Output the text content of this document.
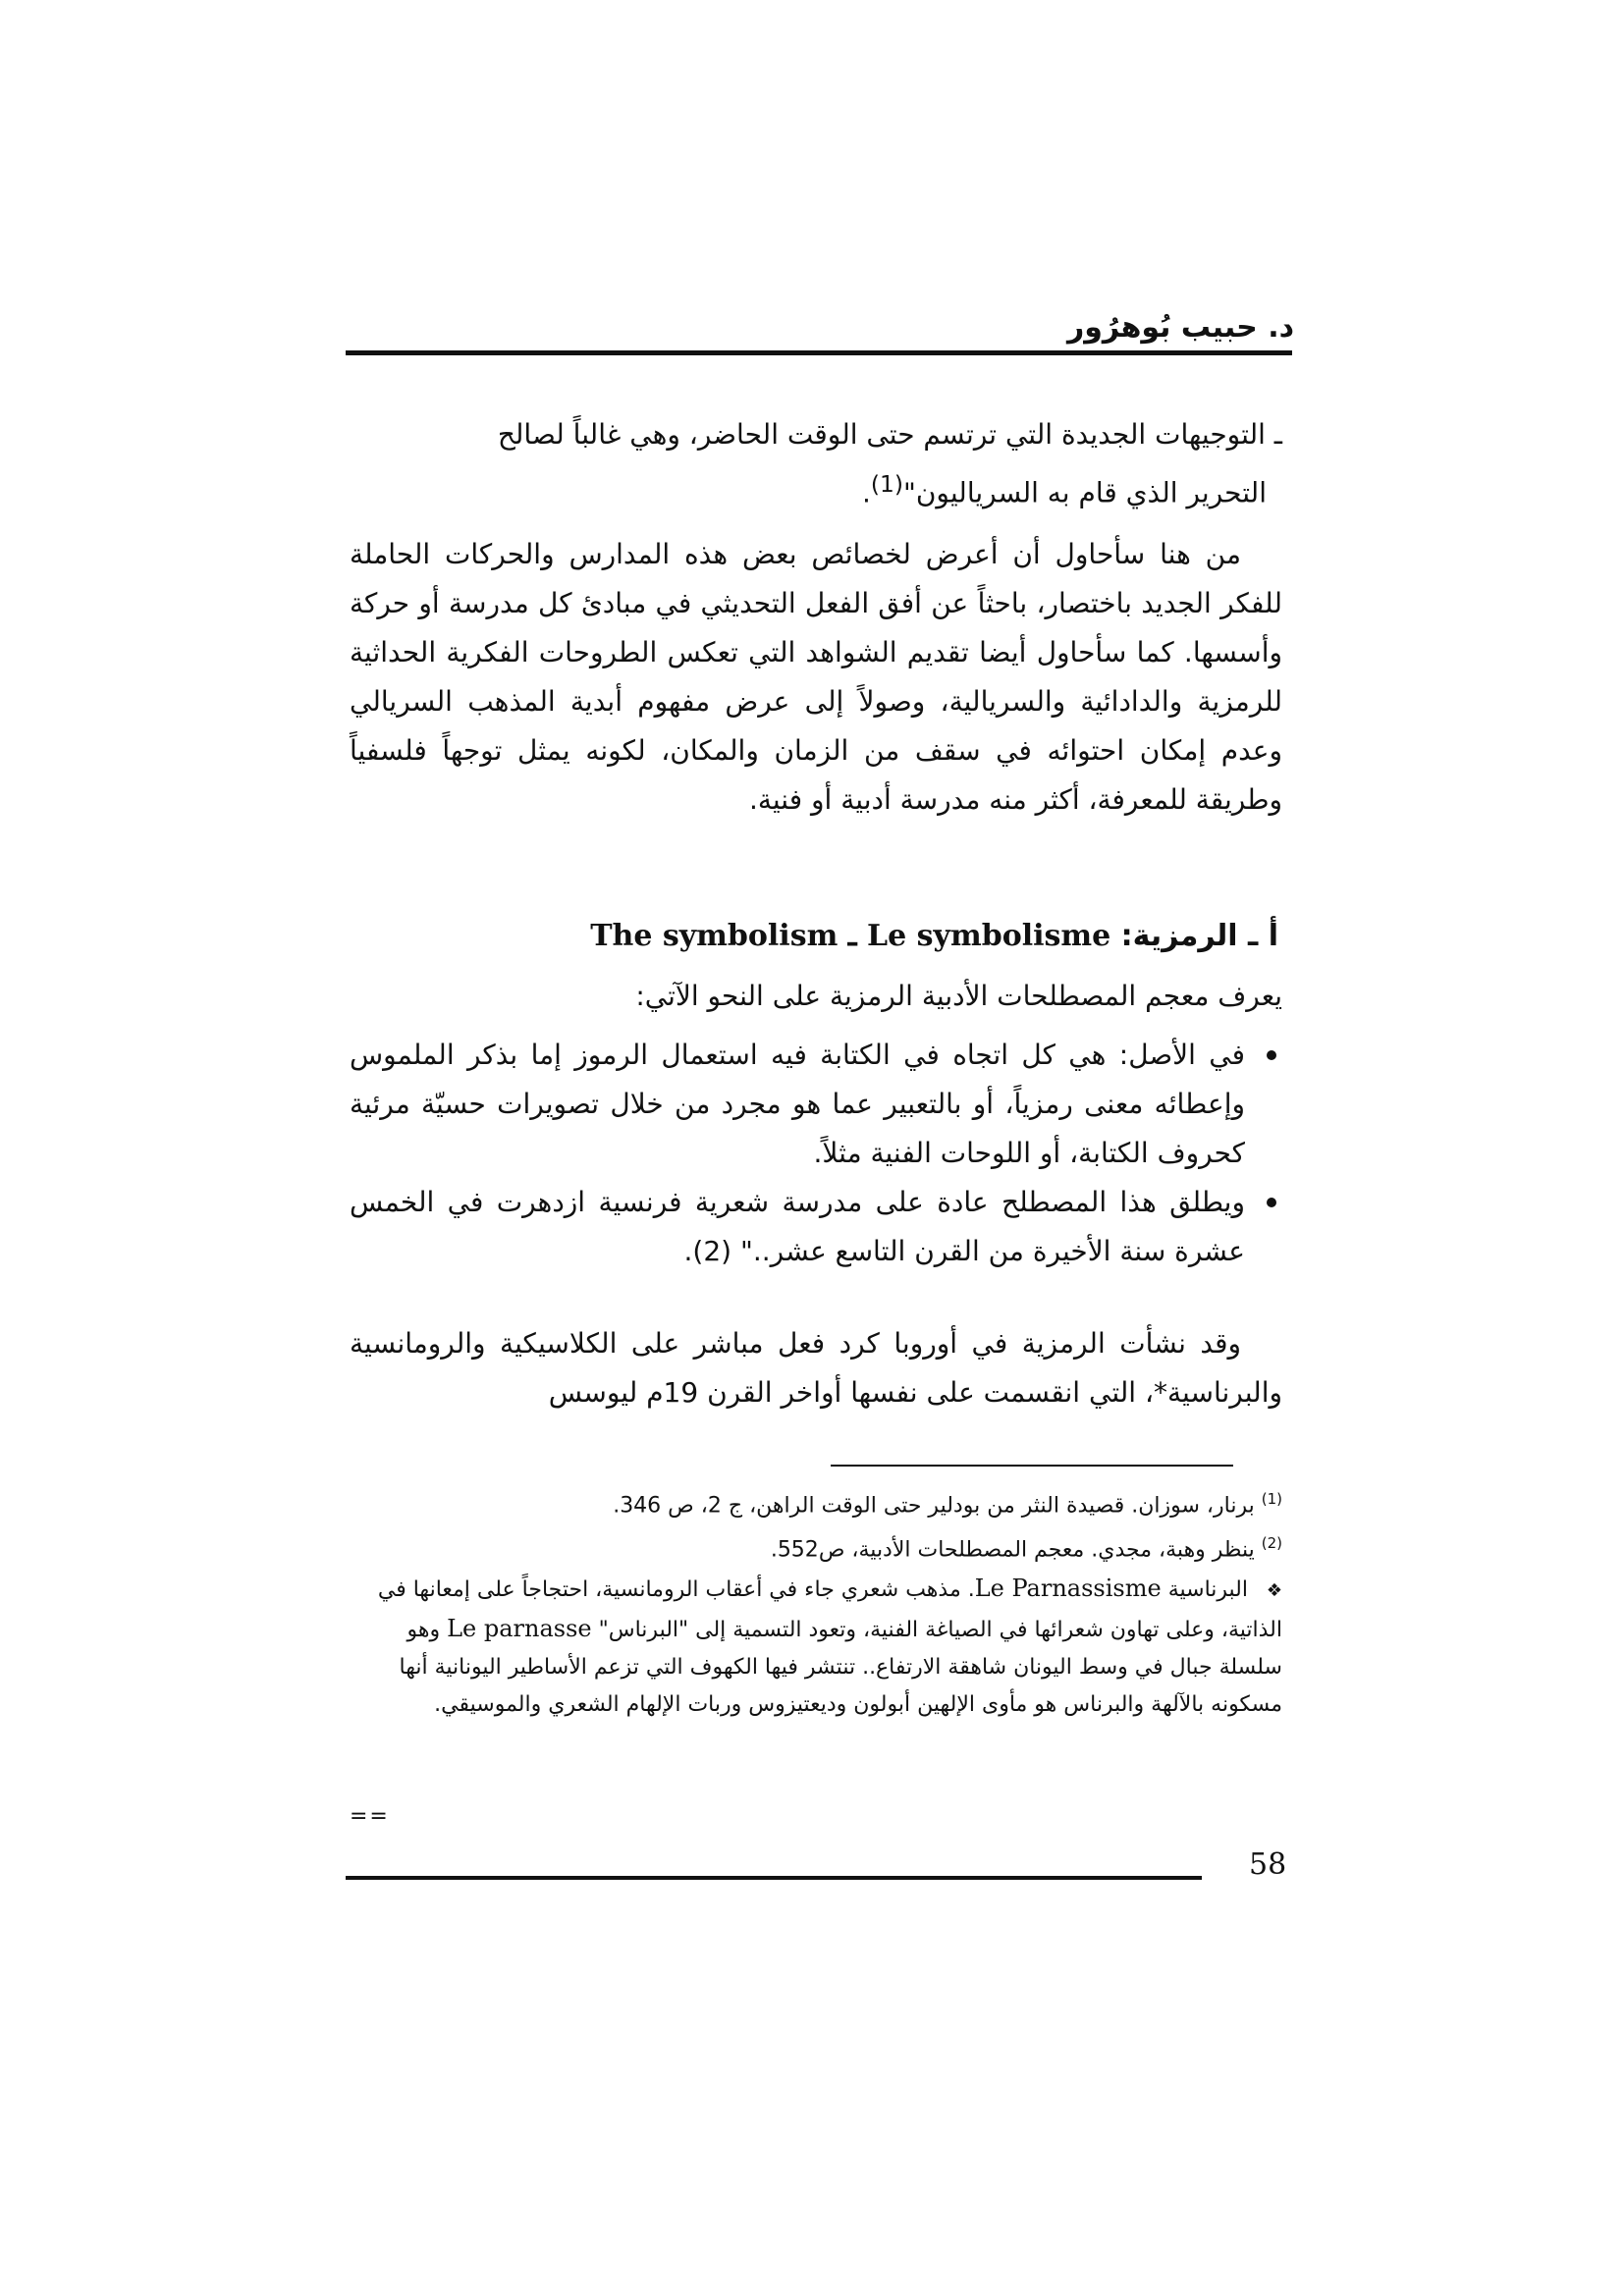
د. حبيب بُوهرُور

ـ التوجيهات الجديدة التي ترتسم حتى الوقت الحاضر، وهي غالباً لصالح

التحرير الذي قام به السرياليون"$^{(1)}$.

من هنا سأحاول أن أعرض لخصائص بعض هذه المدارس والحركات الحاملة للفكر الجديد باختصار، باحثاً عن أفق الفعل التحديثي في مبادئ كل مدرسة أو حركة وأسسها. كما سأحاول أيضا تقديم الشواهد التي تعكس الطروحات الفكرية الحداثية للرمزية والدادائية والسريالية، وصولاً إلى عرض مفهوم أبدية المذهب السريالي وعدم إمكان احتوائه في سقف من الزمان والمكان، لكونه يمثل توجهاً فلسفياً وطريقة للمعرفة، أكثر منه مدرسة أدبية أو فنية.

أ ـ الرمزية: The symbolism ـ Le symbolisme

يعرف معجم المصطلحات الأدبية الرمزية على النحو الآتي:

في الأصل: هي كل اتجاه في الكتابة فيه استعمال الرموز إما بذكر الملموس وإعطائه معنى رمزياً، أو بالتعبير عما هو مجرد من خلال تصويرات حسيّة مرئية كحروف الكتابة، أو اللوحات الفنية مثلاً.
ويطلق هذا المصطلح عادة على مدرسة شعرية فرنسية ازدهرت في الخمس عشرة سنة الأخيرة من القرن التاسع عشر.." (2).

وقد نشأت الرمزية في أوروبا كرد فعل مباشر على الكلاسيكية والرومانسية والبرناسية*، التي انقسمت على نفسها أواخر القرن 19م ليوسس

$^{(1)}$ برنار، سوزان. قصيدة النثر من بودلير حتى الوقت الراهن، ج 2، ص 346.

$^{(2)}$ ينظر وهبة، مجدي. معجم المصطلحات الأدبية، ص552.

❖ البرناسية Le Parnassisme. مذهب شعري جاء في أعقاب الرومانسية، احتجاجاً على إمعانها في الذاتية، وعلى تهاون شعرائها في الصياغة الفنية، وتعود التسمية إلى "البرناس" Le parnasse وهو سلسلة جبال في وسط اليونان شاهقة الارتفاع.. تنتشر فيها الكهوف التي تزعم الأساطير اليونانية أنها مسكونه بالآلهة والبرناس هو مأوى الإلهين أبولون وديعتيزوس وربات الإلهام الشعري والموسيقي.

==
58
